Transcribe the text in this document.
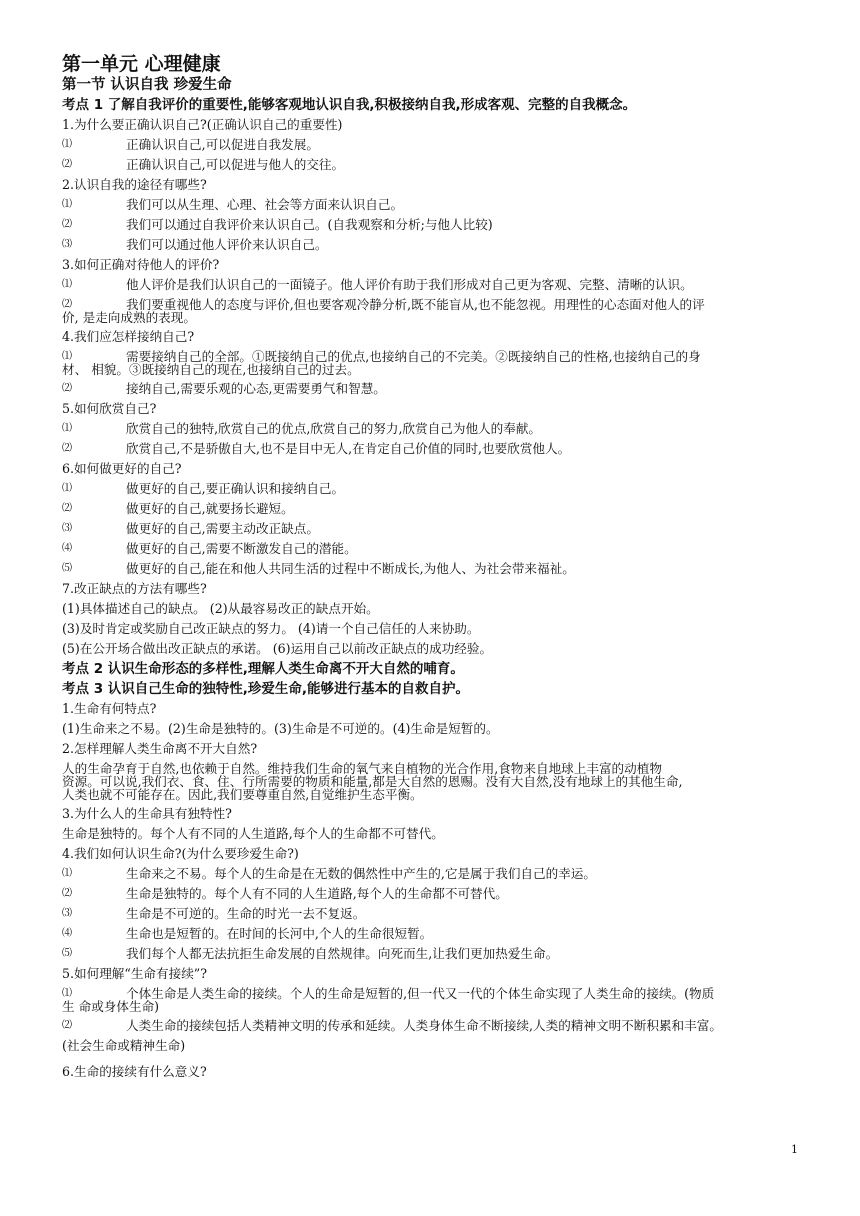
第一单元 心理健康

第一节 认识自我 珍爱生命

考点 1 了解自我评价的重要性,能够客观地认识自我,积极接纳自我,形成客观、完整的自我概念。

1.为什么要正确认识自己?(正确认识自己的重要性)

⑴	正确认识自己,可以促进自我发展。
⑵	正确认识自己,可以促进与他人的交往。

2.认识自我的途径有哪些?

⑴	我们可以从生理、心理、社会等方面来认识自己。
⑵	我们可以通过自我评价来认识自己。(自我观察和分析;与他人比较)
⑶	我们可以通过他人评价来认识自己。

3.如何正确对待他人的评价?

⑴	他人评价是我们认识自己的一面镜子。他人评价有助于我们形成对自己更为客观、完整、清晰的认识。
⑵	我们要重视他人的态度与评价,但也要客观冷静分析,既不能盲从,也不能忽视。用理性的心态面对他人的评
价, 是走向成熟的表现。

4.我们应怎样接纳自己?

⑴	需要接纳自己的全部。①既接纳自己的优点,也接纳自己的不完美。②既接纳自己的性格,也接纳自己的身
材、 相貌。③既接纳自己的现在,也接纳自己的过去。
⑵	接纳自己,需要乐观的心态,更需要勇气和智慧。

5.如何欣赏自己?

⑴	欣赏自己的独特,欣赏自己的优点,欣赏自己的努力,欣赏自己为他人的奉献。
⑵	欣赏自己,不是骄傲自大,也不是目中无人,在肯定自己价值的同时,也要欣赏他人。

6.如何做更好的自己?

⑴	做更好的自己,要正确认识和接纳自己。
⑵	做更好的自己,就要扬长避短。
⑶	做更好的自己,需要主动改正缺点。
⑷	做更好的自己,需要不断激发自己的潜能。
⑸	做更好的自己,能在和他人共同生活的过程中不断成长,为他人、为社会带来福祉。

7.改正缺点的方法有哪些?

(1)具体描述自己的缺点。 (2)从最容易改正的缺点开始。

(3)及时肯定或奖励自己改正缺点的努力。 (4)请一个自己信任的人来协助。

(5)在公开场合做出改正缺点的承诺。 (6)运用自己以前改正缺点的成功经验。

考点 2 认识生命形态的多样性,理解人类生命离不开大自然的哺育。

考点 3 认识自己生命的独特性,珍爱生命,能够进行基本的自救自护。

1.生命有何特点?

(1)生命来之不易。(2)生命是独特的。(3)生命是不可逆的。(4)生命是短暂的。

2.怎样理解人类生命离不开大自然?

人的生命孕育于自然,也依赖于自然。维持我们生命的氧气来自植物的光合作用,食物来自地球上丰富的动植物
资源。可以说,我们衣、食、住、行所需要的物质和能量,都是大自然的恩赐。没有大自然,没有地球上的其他生命,
人类也就不可能存在。因此,我们要尊重自然,自觉维护生态平衡。

3.为什么人的生命具有独特性?

生命是独特的。每个人有不同的人生道路,每个人的生命都不可替代。

4.我们如何认识生命?(为什么要珍爱生命?)

⑴	生命来之不易。每个人的生命是在无数的偶然性中产生的,它是属于我们自己的幸运。
⑵	生命是独特的。每个人有不同的人生道路,每个人的生命都不可替代。
⑶	生命是不可逆的。生命的时光一去不复返。
⑷	生命也是短暂的。在时间的长河中,个人的生命很短暂。
⑸	我们每个人都无法抗拒生命发展的自然规律。向死而生,让我们更加热爱生命。

5.如何理解“生命有接续”?

⑴	个体生命是人类生命的接续。个人的生命是短暂的,但一代又一代的个体生命实现了人类生命的接续。(物质
生 命或身体生命)
⑵	人类生命的接续包括人类精神文明的传承和延续。人类身体生命不断接续,人类的精神文明不断积累和丰富。

(社会生命或精神生命)

6.生命的接续有什么意义?

1
